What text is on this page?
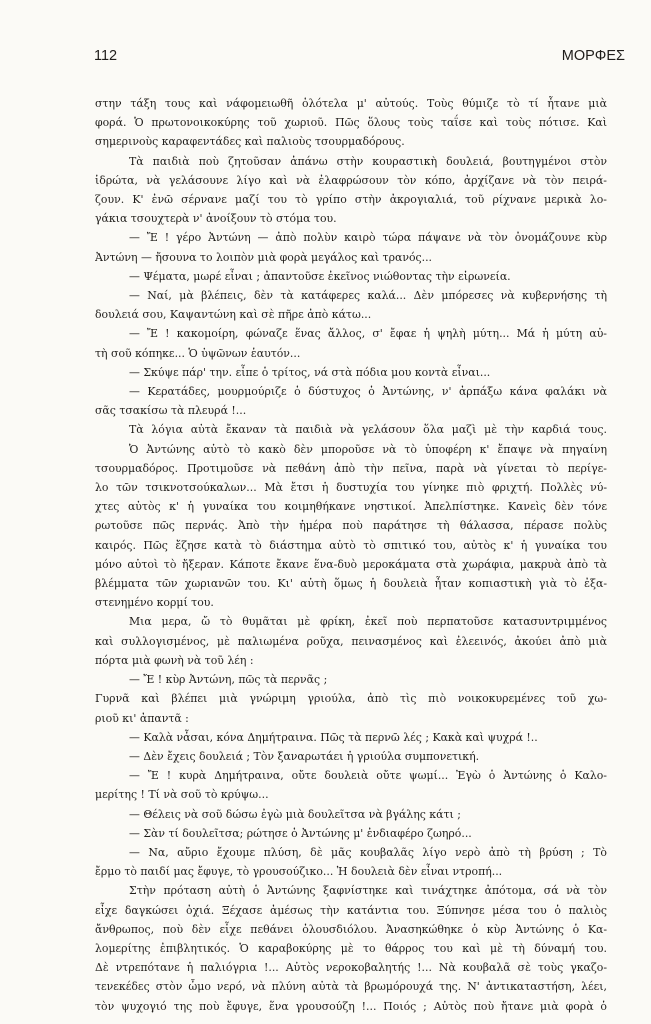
112	ΜΟΡΦΕΣ
στην τάξη τους καὶ νάφομειωθῆ ὁλότελα μ' αὐτούς. Τοὺς θύμιζε τὸ τί ἦτανε μιὰ
φορά. Ὁ πρωτονοικοκύρης τοῦ χωριοῦ. Πῶς ὅλους τοὺς ταΐσε καὶ τοὺς πότισε. Καὶ
σημερινοὺς καραφεντάδες καὶ παλιοὺς τσουρμαδόρους.
Τὰ παιδιὰ ποὺ ζητοῦσαν ἀπάνω στὴν κουραστικὴ δουλειά, βουτηγμένοι στὸν
ἱδρώτα, νὰ γελάσουνε λίγο καὶ νὰ ἐλαφρώσουν τὸν κόπο, ἀρχίζανε νὰ τὸν πειρά-
ζουν. Κ' ἐνῶ σέρνανε μαζί του τὸ γρίπο στὴν ἀκρογιαλιά, τοῦ ρίχνανε μερικὰ λο-
γάκια τσουχτερὰ ν' ἀνοίξουν τὸ στόμα του.
— Ἔ ! γέρο Ἀντώνη — ἀπὸ πολὺν καιρὸ τώρα πάψανε νὰ τὸν ὀνομάζουνε κὺρ
Ἀντώνη — ἤσουνα το λοιπὸν μιὰ φορὰ μεγάλος καὶ τρανός...
— Ψέματα, μωρέ εἶναι ; ἀπαντοῦσε ἐκεῖνος νιώθοντας τὴν εἰρωνεία.
— Ναί, μὰ βλέπεις, δὲν τὰ κατάφερες καλά... Δὲν μπόρεσες νὰ κυβερνήσης τὴ
δουλειά σου, Καψαντώνη καὶ σὲ πῆρε ἀπὸ κάτω...
— Ἔ ! κακομοίρη, φώναζε ἕνας ἄλλος, σ' ἔφαε ἡ ψηλὴ μύτη... Μά ἡ μύτη αὐ-
τὴ σοῦ κόπηκε... Ὁ ὑψῶνων ἑαυτόν...
— Σκύψε πάρ' την. εἶπε ὁ τρίτος, νά στὰ πόδια μου κοντὰ εἶναι...
— Κερατάδες, μουρμούριζε ὁ δύστυχος ὁ Ἀντώνης, ν' ἀρπάξω κάνα φαλάκι νὰ
σᾶς τσακίσω τὰ πλευρά !...
Τὰ λόγια αὐτὰ ἔκαναν τὰ παιδιὰ νὰ γελάσουν ὅλα μαζὶ μὲ τὴν καρδιά τους.
Ὁ Ἀντώνης αὐτὸ τὸ κακὸ δὲν μποροῦσε νὰ τὸ ὑποφέρη κ' ἔπαψε νὰ πηγαίνη
τσουρμαδόρος. Προτιμοῦσε νὰ πεθάνη ἀπὸ τὴν πεῖνα, παρὰ νὰ γίνεται τὸ περίγε-
λο τῶν τσικνοτσούκαλων... Μὰ ἔτσι ἡ δυστυχία του γίνηκε πιὸ φριχτή. Πολλὲς νύ-
χτες αὐτὸς κ' ἡ γυναίκα του κοιμηθήκανε νηστικοί. Ἀπελπίστηκε. Κανεὶς δὲν τόνε
ρωτοῦσε πῶς περνάς. Ἀπὸ τὴν ἡμέρα ποὺ παράτησε τὴ θάλασσα, πέρασε πολὺς
καιρός. Πῶς ἔζησε κατὰ τὸ διάστημα αὐτὸ τὸ σπιτικό του, αὐτὸς κ' ἡ γυναίκα του
μόνο αὐτοὶ τὸ ἤξεραν. Κάποτε ἔκανε ἕνα-δυὸ μεροκάματα στὰ χωράφια, μακρυὰ ἀπὸ τὰ
βλέμματα τῶν χωριανῶν του. Κι' αὐτὴ ὅμως ἡ δουλειὰ ἦταν κοπιαστικὴ γιὰ τὸ ἐξα-
στενημένο κορμί του.
Μια μερα, ὤ τὸ θυμᾶται μὲ φρίκη, ἐκεῖ ποὺ περπατοῦσε κατασυντριμμένος
καὶ συλλογισμένος, μὲ παλιωμένα ροῦχα, πεινασμένος καὶ ἐλεεινός, ἀκούει ἀπὸ μιὰ
πόρτα μιὰ φωνὴ νὰ τοῦ λέη :
— Ἔ ! κὺρ Ἀντώνη, πῶς τὰ περνᾶς ;
Γυρνᾶ καὶ βλέπει μιὰ γνώριμη γριούλα, ἀπὸ τὶς πιὸ νοικοκυρεμένες τοῦ χω-
ριοῦ κι' ἀπαντᾶ :
— Καλὰ νἆσαι, κόνα Δημήτραινα. Πῶς τὰ περνῶ λές ; Κακὰ καὶ ψυχρά !..
— Δὲν ἔχεις δουλειά ; Τὸν ξαναρωτάει ἡ γριούλα συμπονετική.
— Ἔ ! κυρὰ Δημήτραινα, οὔτε δουλειὰ οὔτε ψωμί... Ἐγὼ ὁ Ἀντώνης ὁ Καλο-
μερίτης ! Τί νὰ σοῦ τὸ κρύψω...
— Θέλεις νὰ σοῦ δώσω ἐγὼ μιὰ δουλεῖτσα νὰ βγάλης κάτι ;
— Σὰν τί δουλεῖτσα; ρώτησε ὁ Ἀντώνης μ' ἐνδιαφέρο ζωηρό...
— Να, αὔριο ἔχουμε πλύση, δὲ μᾶς κουβαλᾶς λίγο νερὸ ἀπὸ τὴ βρύση ; Τὸ
ἔρμο τὸ παιδί μας ἔφυγε, τὸ γρουσούζικο... Ἡ δουλειὰ δὲν εἶναι ντροπή...
Στὴν πρόταση αὐτὴ ὁ Ἀντώνης ξαφνίστηκε καὶ τινάχτηκε ἀπότομα, σά νὰ τὸν
εἶχε δαγκώσει ὀχιά. Ξέχασε ἀμέσως τὴν κατάντια του. Ξύπνησε μέσα του ὁ παλιὸς
ἄνθρωπος, ποὺ δὲν εἶχε πεθάνει ὁλουσδιόλου. Ἀνασηκώθηκε ὁ κὺρ Ἀντώνης ὁ Κα-
λομερίτης ἐπιβλητικός. Ὁ καραβοκύρης μὲ το θάρρος του καὶ μὲ τὴ δύναμή του.
Δὲ ντρεπότανε ἡ παλιόγρια !... Αὐτὸς νεροκοβαλητής !... Νὰ κουβαλᾶ σὲ τοὺς γκαζο-
τενεκέδες στὸν ὦμο νερό, νὰ πλύνη αὐτὰ τὰ βρωμόρουχά της. Ν' ἀντικαταστήση, λέει,
τὸν ψυχογιό της ποὺ ἔφυγε, ἕνα γρουσούζη !... Ποιός ; Αὐτὸς ποὺ ἤτανε μιὰ φορὰ ὁ
